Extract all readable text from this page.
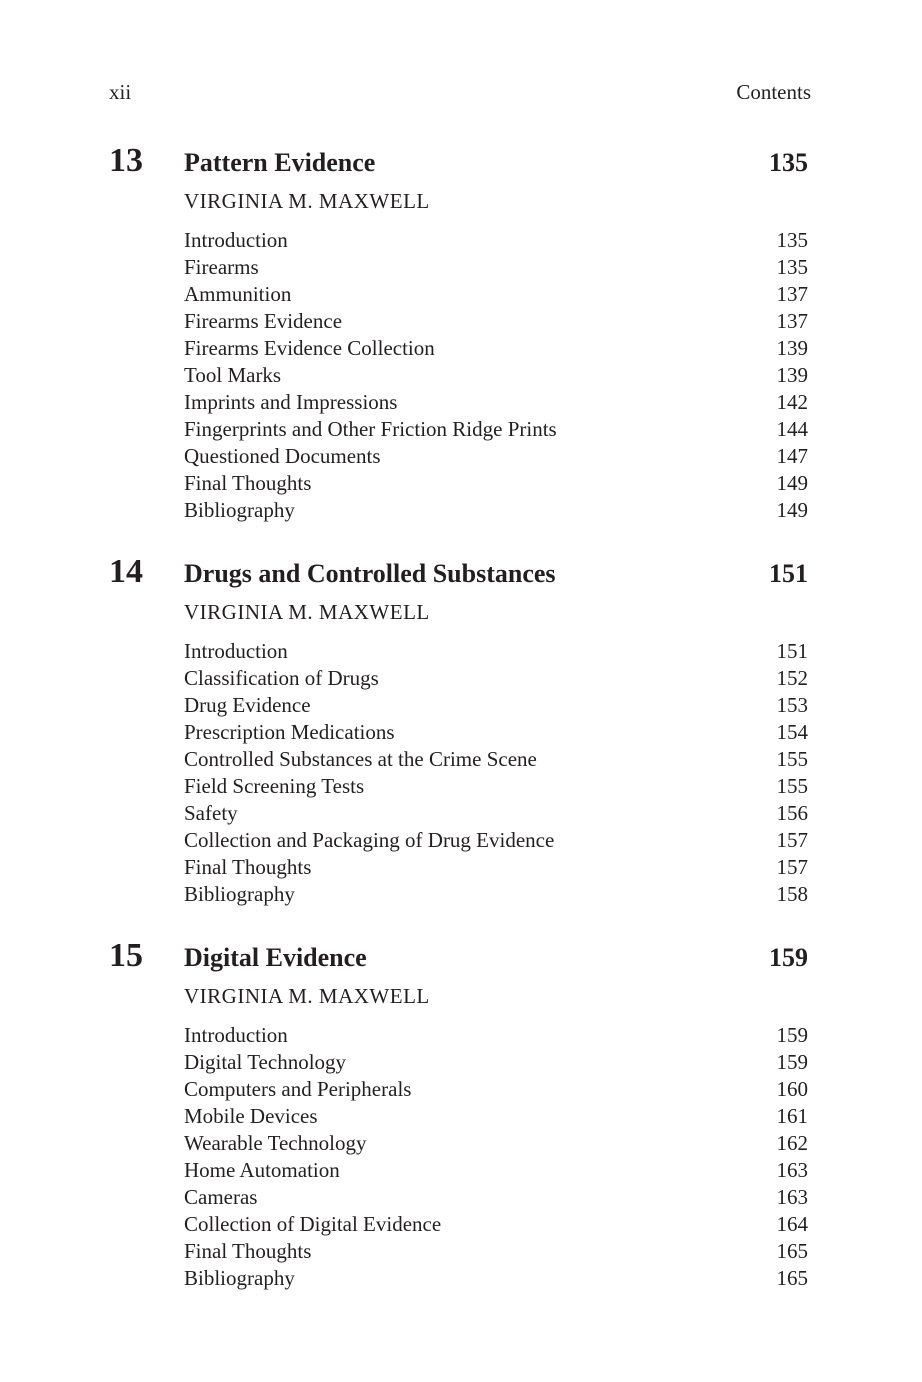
xii	Contents
13 Pattern Evidence	135
VIRGINIA M. MAXWELL
Introduction	135
Firearms	135
Ammunition	137
Firearms Evidence	137
Firearms Evidence Collection	139
Tool Marks	139
Imprints and Impressions	142
Fingerprints and Other Friction Ridge Prints	144
Questioned Documents	147
Final Thoughts	149
Bibliography	149
14 Drugs and Controlled Substances	151
VIRGINIA M. MAXWELL
Introduction	151
Classification of Drugs	152
Drug Evidence	153
Prescription Medications	154
Controlled Substances at the Crime Scene	155
Field Screening Tests	155
Safety	156
Collection and Packaging of Drug Evidence	157
Final Thoughts	157
Bibliography	158
15 Digital Evidence	159
VIRGINIA M. MAXWELL
Introduction	159
Digital Technology	159
Computers and Peripherals	160
Mobile Devices	161
Wearable Technology	162
Home Automation	163
Cameras	163
Collection of Digital Evidence	164
Final Thoughts	165
Bibliography	165
